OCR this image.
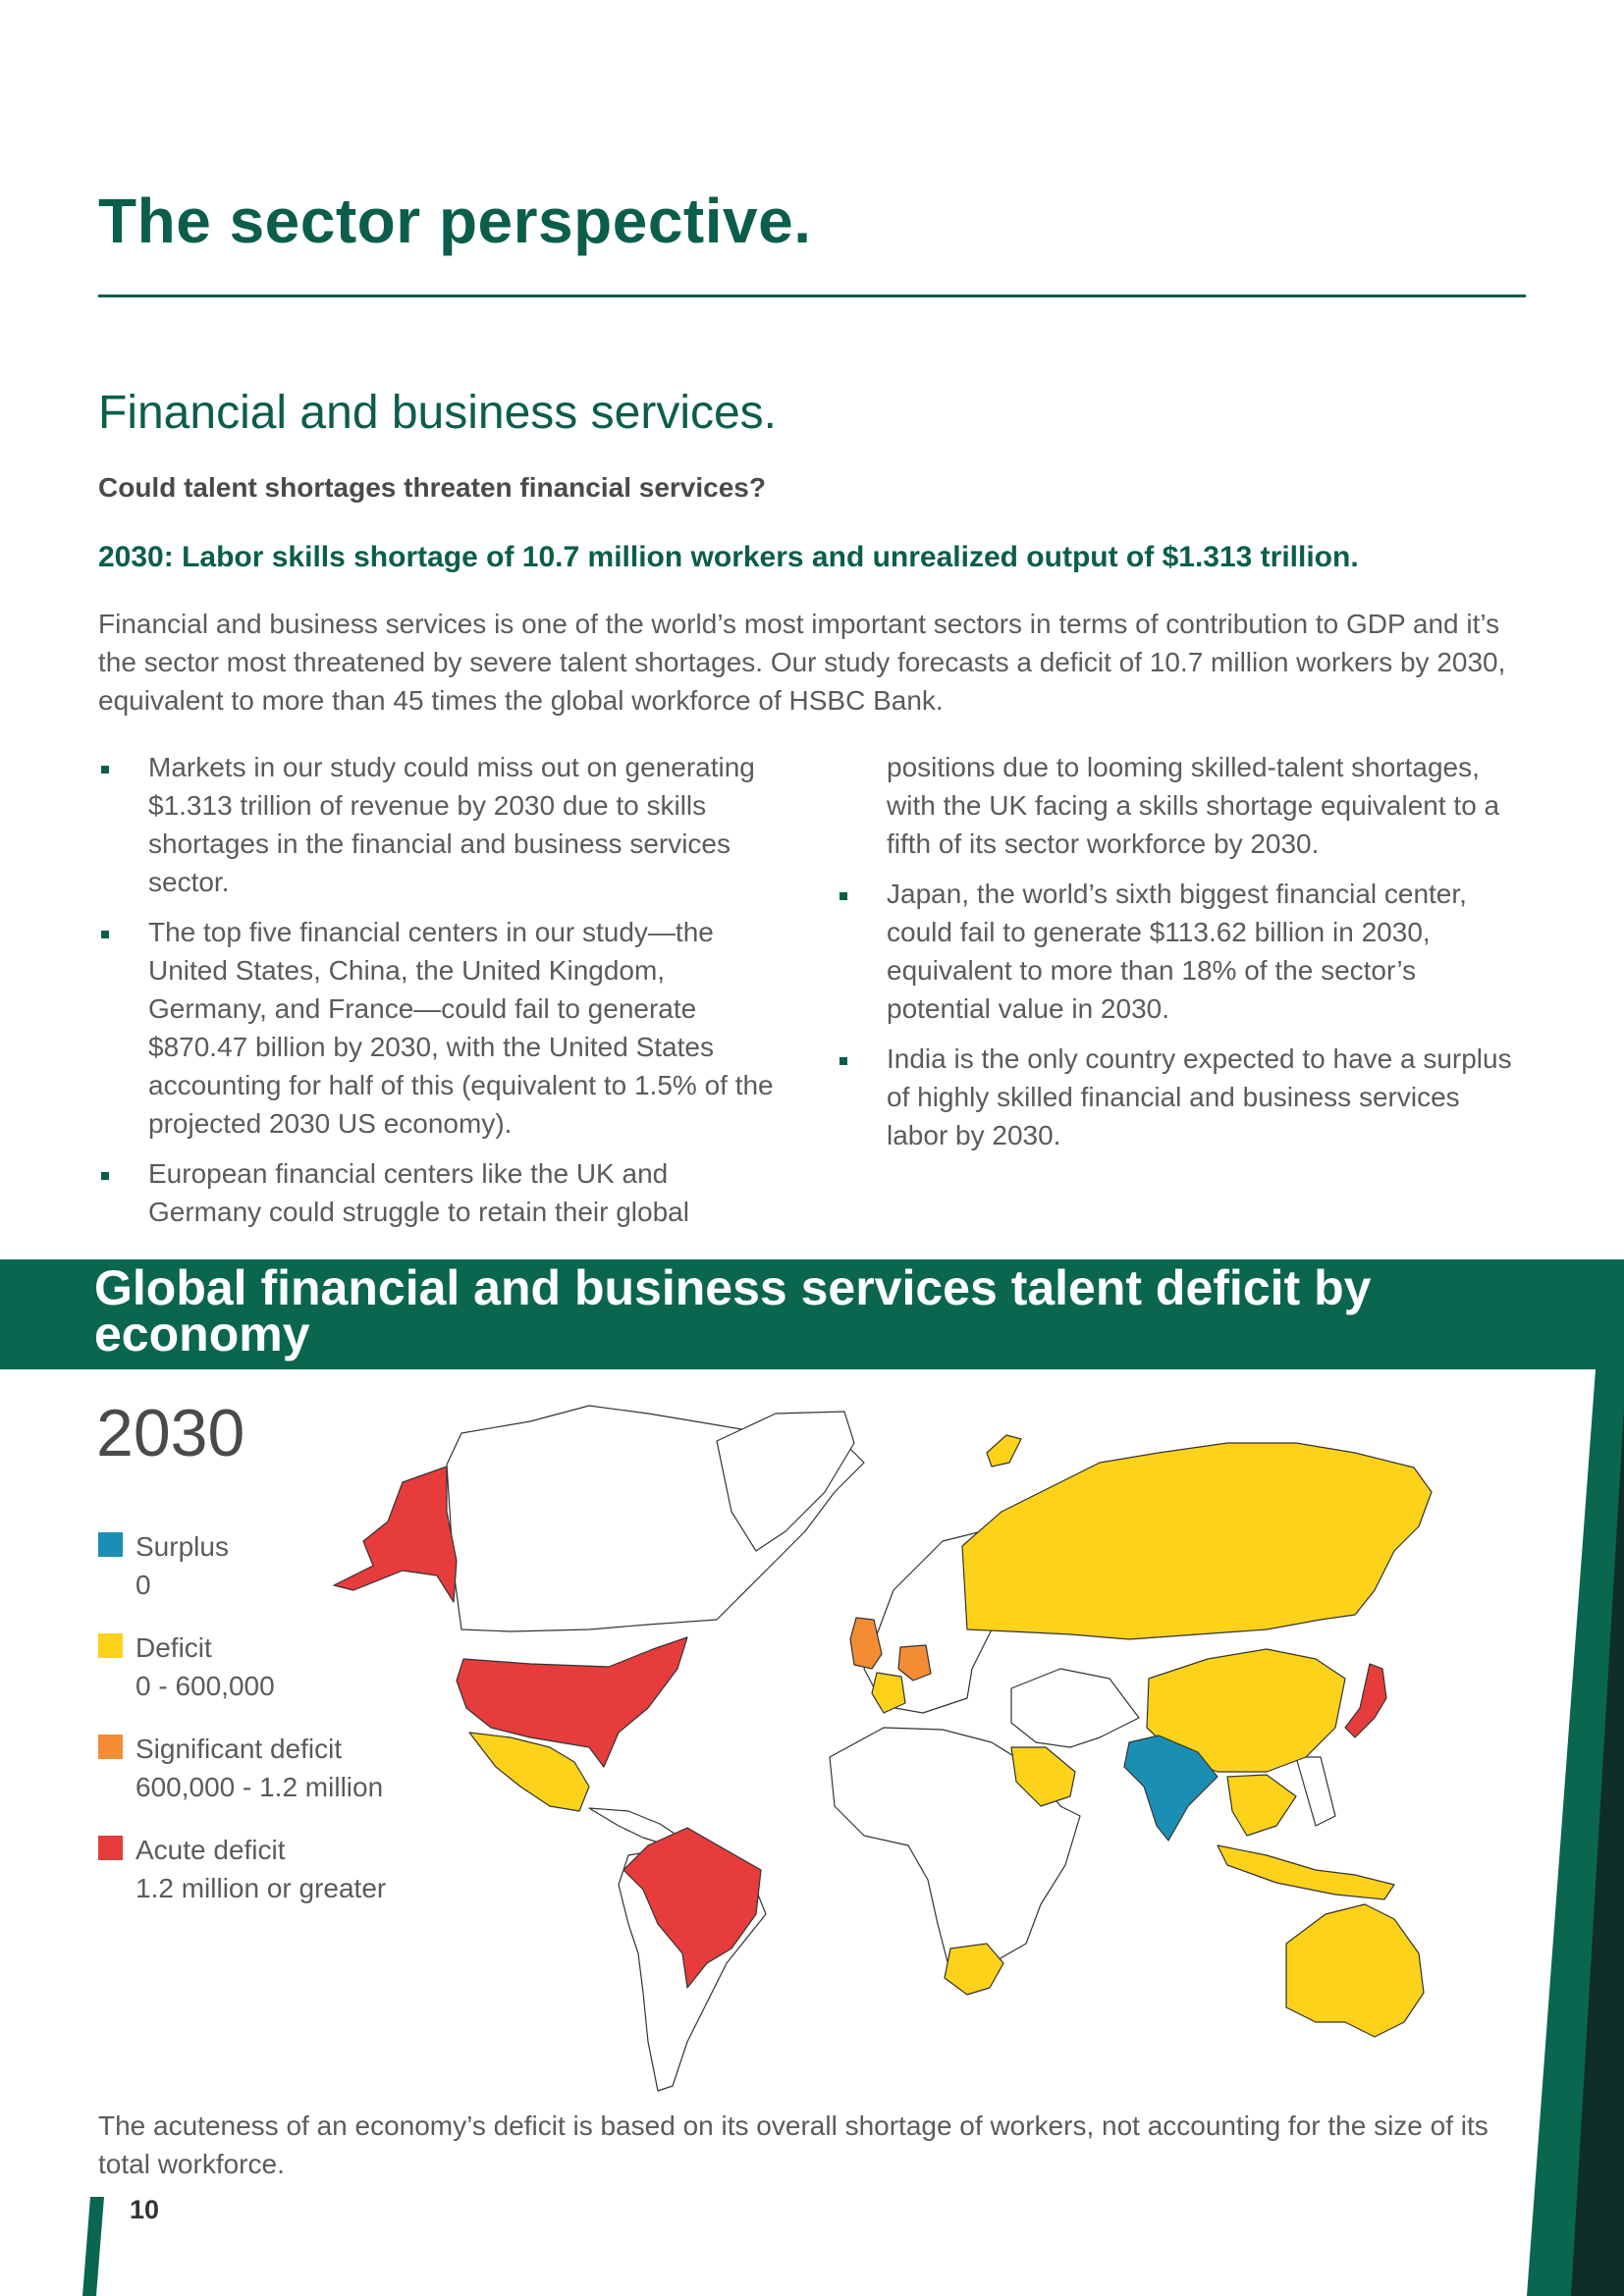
The sector perspective.
Financial and business services.
Could talent shortages threaten financial services?
2030: Labor skills shortage of 10.7 million workers and unrealized output of $1.313 trillion.

Financial and business services is one of the world’s most important sectors in terms of contribution to GDP and it’s the sector most threatened by severe talent shortages. Our study forecasts a deficit of 10.7 million workers by 2030, equivalent to more than 45 times the global workforce of HSBC Bank.

Markets in our study could miss out on generating $1.313 trillion of revenue by 2030 due to skills shortages in the financial and business services sector.
The top five financial centers in our study—the United States, China, the United Kingdom, Germany, and France—could fail to generate $870.47 billion by 2030, with the United States accounting for half of this (equivalent to 1.5% of the projected 2030 US economy).
European financial centers like the UK and Germany could struggle to retain their global positions due to looming skilled-talent shortages, with the UK facing a skills shortage equivalent to a fifth of its sector workforce by 2030.
Japan, the world’s sixth biggest financial center, could fail to generate $113.62 billion in 2030, equivalent to more than 18% of the sector’s potential value in 2030.
India is the only country expected to have a surplus of highly skilled financial and business services labor by 2030.
Global financial and business services talent deficit by economy
2030
Surplus
0
Deficit
0 - 600,000
Significant deficit
600,000 - 1.2 million
Acute deficit
1.2 million or greater

The acuteness of an economy’s deficit is based on its overall shortage of workers, not accounting for the size of its total workforce.

10
